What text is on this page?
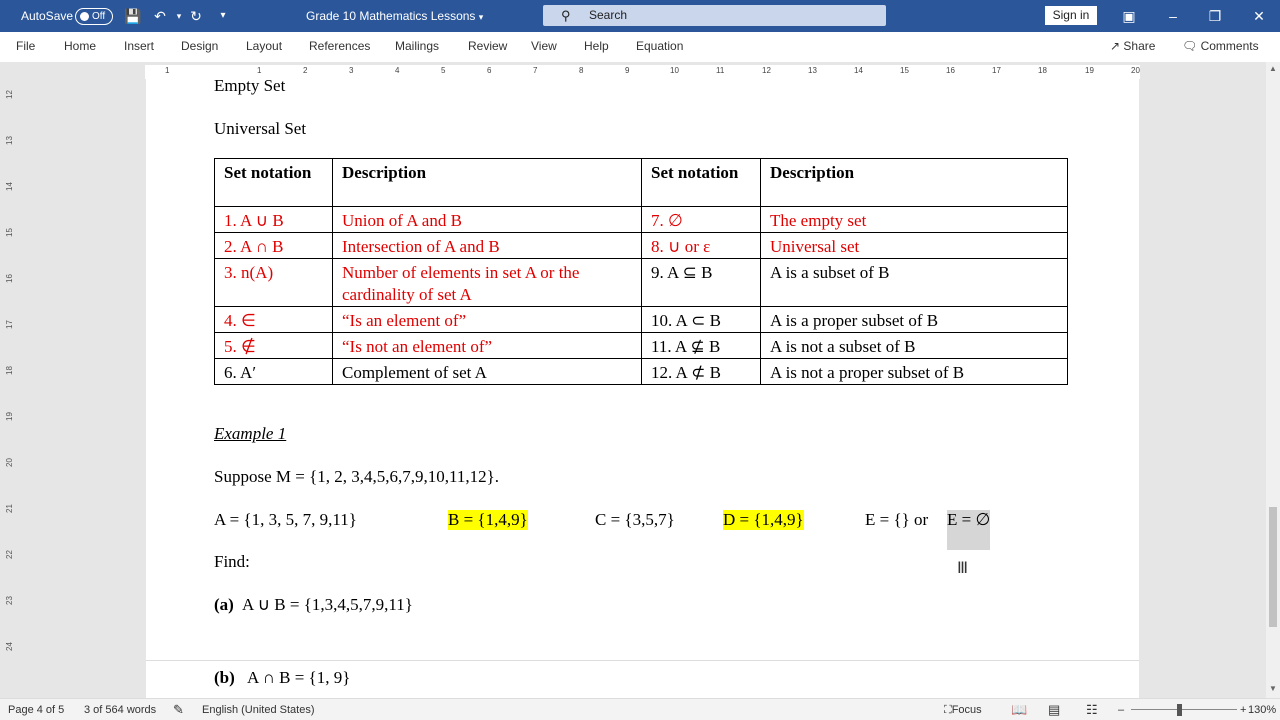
AutoSave Off	💾 ↶	▾ ↻	▾	Grade 10 Mathematics Lessons ▾	⚲ Search	Sign in	▣	–	❐	✕
File Home Insert Design Layout References Mailings Review View Help Equation	↗ Share 🗨 Comments
1	1	2	3	4	5	6	7	8	9	10	11	12	13	14	15	16	17	18	19	20
12
13
14
15
16
17
18
19
20
21
22
23
24
Empty Set
Universal Set
Set notation	Description	Set notation	Description
1. A ∪ B	Union of A and B	7. ∅	The empty set
2. A ∩ B	Intersection of A and B	8. ∪ or ε	Universal set
3. n(A)	Number of elements in set A or the cardinality of set A	9. A ⊆ B	A is a subset of B
4. ∈	“Is an element of”	10. A ⊂ B	A is a proper subset of B
5. ∉	“Is not an element of”	11. A ⊈ B	A is not a subset of B
6. A′	Complement of set A	12. A ⊄ B	A is not a proper subset of B
Example 1
Suppose M = {1, 2, 3,4,5,6,7,9,10,11,12}.
A = {1, 3, 5, 7, 9,11}	B = {1,4,9}	C = {3,5,7}	D = {1,4,9}	E = {} or E = ∅
Find:
(a) A ∪ B = {1,3,4,5,7,9,11}
(b) A ∩ B = {1, 9}
Ⅲ
▲
▼
Page 4 of 5 3 of 564 words ✎ English (United States)	⛶ Focus 📖 ▤ ☷ –	+ 130%
